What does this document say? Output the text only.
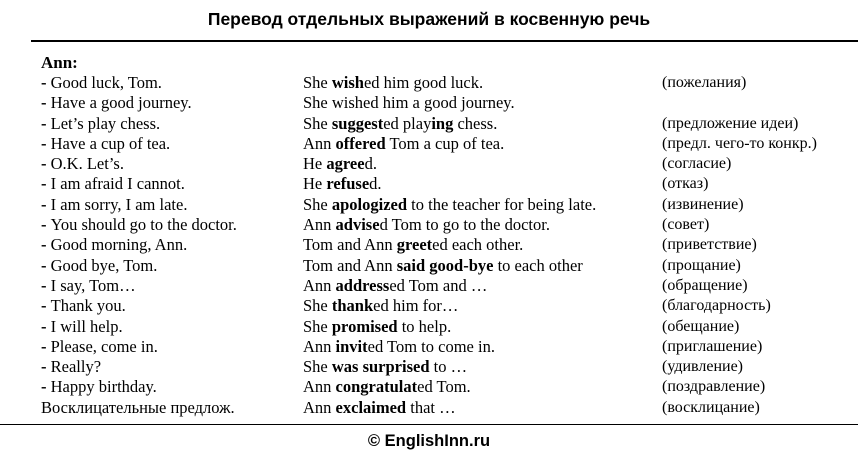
Перевод отдельных выражений в косвенную речь
Ann:
- Good luck, Tom.	She wished him good luck.	(пожелания)
- Have a good journey.	She wished him a good journey.
- Let’s play chess.	She suggested playing chess.	(предложение идеи)
- Have a cup of tea.	Ann offered Tom a cup of tea.	(предл. чего-то конкр.)
- O.K. Let’s.	He agreed.	(согласие)
- I am afraid I cannot.	He refused.	(отказ)
- I am sorry, I am late.	She apologized to the teacher for being late.	(извинение)
- You should go to the doctor.	Ann advised Tom to go to the doctor.	(совет)
- Good morning, Ann.	Tom and Ann greeted each other.	(приветствие)
- Good bye, Tom.	Tom and Ann said good-bye to each other	(прощание)
- I say, Tom…	Ann addressed Tom and …	(обращение)
- Thank you.	She thanked him for…	(благодарность)
- I will help.	She promised to help.	(обещание)
- Please, come in.	Ann invited Tom to come in.	(приглашение)
- Really?	She was surprised to …	(удивление)
- Happy birthday.	Ann congratulated Tom.	(поздравление)
Восклицательные предлож.	Ann exclaimed that …	(восклицание)
© EnglishInn.ru
